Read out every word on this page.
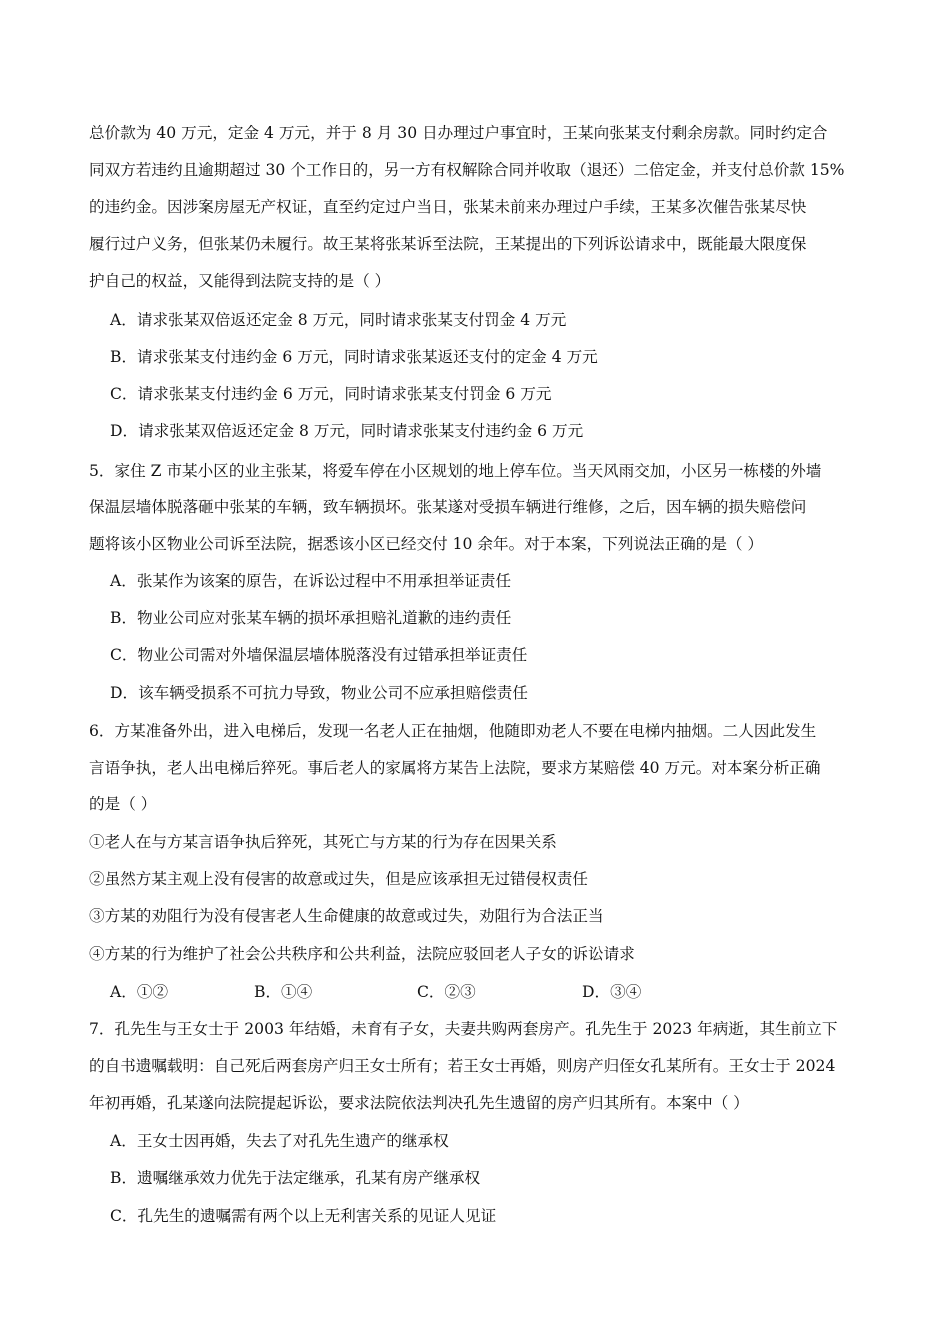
总价款为 40 万元，定金 4 万元，并于 8 月 30 日办理过户事宜时，王某向张某支付剩余房款。同时约定合
同双方若违约且逾期超过 30 个工作日的，另一方有权解除合同并收取（退还）二倍定金，并支付总价款 15%
的违约金。因涉案房屋无产权证，直至约定过户当日，张某未前来办理过户手续，王某多次催告张某尽快
履行过户义务，但张某仍未履行。故王某将张某诉至法院，王某提出的下列诉讼请求中，既能最大限度保
护自己的权益，又能得到法院支持的是（ ）
A．请求张某双倍返还定金 8 万元，同时请求张某支付罚金 4 万元
B．请求张某支付违约金 6 万元，同时请求张某返还支付的定金 4 万元
C．请求张某支付违约金 6 万元，同时请求张某支付罚金 6 万元
D．请求张某双倍返还定金 8 万元，同时请求张某支付违约金 6 万元
5．家住 Z 市某小区的业主张某，将爱车停在小区规划的地上停车位。当天风雨交加，小区另一栋楼的外墙
保温层墙体脱落砸中张某的车辆，致车辆损坏。张某遂对受损车辆进行维修，之后，因车辆的损失赔偿问
题将该小区物业公司诉至法院，据悉该小区已经交付 10 余年。对于本案，下列说法正确的是（ ）
A．张某作为该案的原告，在诉讼过程中不用承担举证责任
B．物业公司应对张某车辆的损坏承担赔礼道歉的违约责任
C．物业公司需对外墙保温层墙体脱落没有过错承担举证责任
D．该车辆受损系不可抗力导致，物业公司不应承担赔偿责任
6．方某准备外出，进入电梯后，发现一名老人正在抽烟，他随即劝老人不要在电梯内抽烟。二人因此发生
言语争执，老人出电梯后猝死。事后老人的家属将方某告上法院，要求方某赔偿 40 万元。对本案分析正确
的是（ ）
①老人在与方某言语争执后猝死，其死亡与方某的行为存在因果关系
②虽然方某主观上没有侵害的故意或过失，但是应该承担无过错侵权责任
③方某的劝阻行为没有侵害老人生命健康的故意或过失，劝阻行为合法正当
④方某的行为维护了社会公共秩序和公共利益，法院应驳回老人子女的诉讼请求
A．①②	B．①④	C．②③	D．③④
7．孔先生与王女士于 2003 年结婚，未育有子女，夫妻共购两套房产。孔先生于 2023 年病逝，其生前立下
的自书遗嘱载明：自己死后两套房产归王女士所有；若王女士再婚，则房产归侄女孔某所有。王女士于 2024
年初再婚，孔某遂向法院提起诉讼，要求法院依法判决孔先生遗留的房产归其所有。本案中（ ）
A．王女士因再婚，失去了对孔先生遗产的继承权
B．遗嘱继承效力优先于法定继承，孔某有房产继承权
C．孔先生的遗嘱需有两个以上无利害关系的见证人见证
